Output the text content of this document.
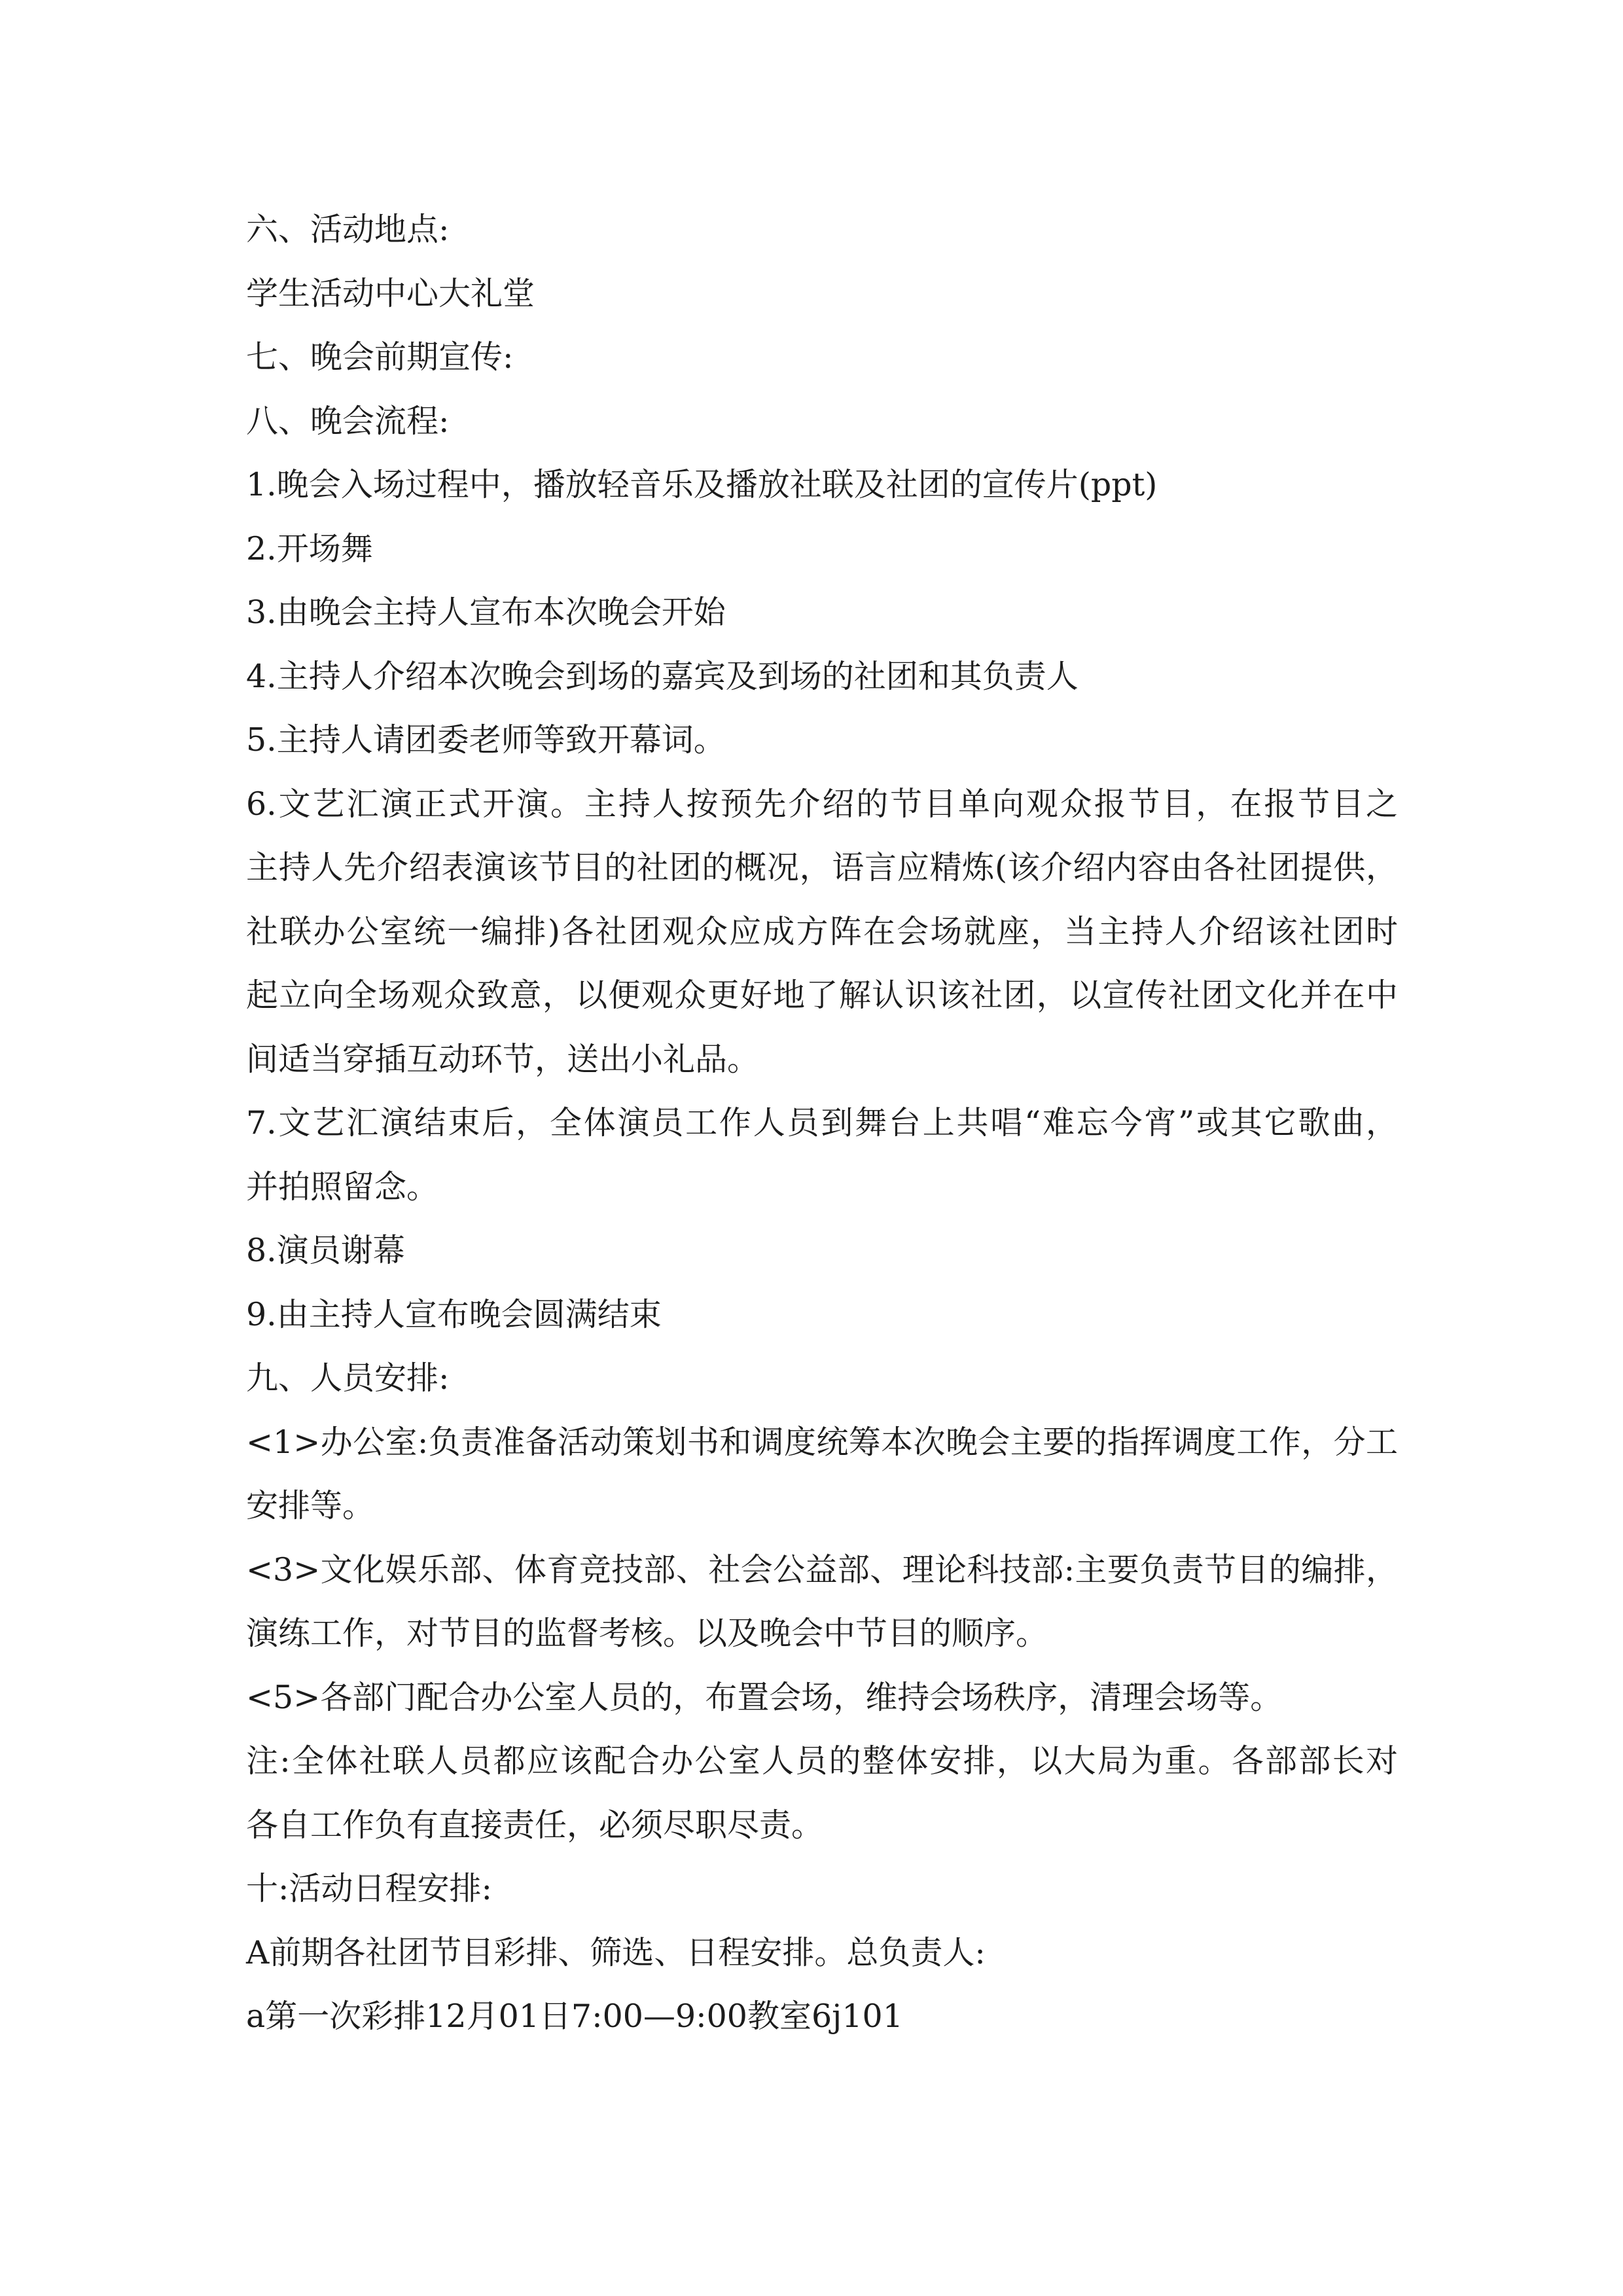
六、活动地点:
学生活动中心大礼堂
七、晚会前期宣传:
八、晚会流程:
1.晚会入场过程中，播放轻音乐及播放社联及社团的宣传片(ppt)
2.开场舞
3.由晚会主持人宣布本次晚会开始
4.主持人介绍本次晚会到场的嘉宾及到场的社团和其负责人
5.主持人请团委老师等致开幕词。
6.文艺汇演正式开演。主持人按预先介绍的节目单向观众报节目，在报节目之
主持人先介绍表演该节目的社团的概况，语言应精炼(该介绍内容由各社团提供，
社联办公室统一编排)各社团观众应成方阵在会场就座，当主持人介绍该社团时
起立向全场观众致意，以便观众更好地了解认识该社团，以宣传社团文化并在中
间适当穿插互动环节，送出小礼品。
7.文艺汇演结束后，全体演员工作人员到舞台上共唱“难忘今宵”或其它歌曲，
并拍照留念。
8.演员谢幕
9.由主持人宣布晚会圆满结束
九、人员安排:
<1>办公室:负责准备活动策划书和调度统筹本次晚会主要的指挥调度工作，分工
安排等。
<3>文化娱乐部、体育竞技部、社会公益部、理论科技部:主要负责节目的编排，
演练工作，对节目的监督考核。以及晚会中节目的顺序。
<5>各部门配合办公室人员的，布置会场，维持会场秩序，清理会场等。
注:全体社联人员都应该配合办公室人员的整体安排，以大局为重。各部部长对
各自工作负有直接责任，必须尽职尽责。
十:活动日程安排:
A前期各社团节目彩排、筛选、日程安排。总负责人:
a第一次彩排12月01日7:00—9:00教室6j101
